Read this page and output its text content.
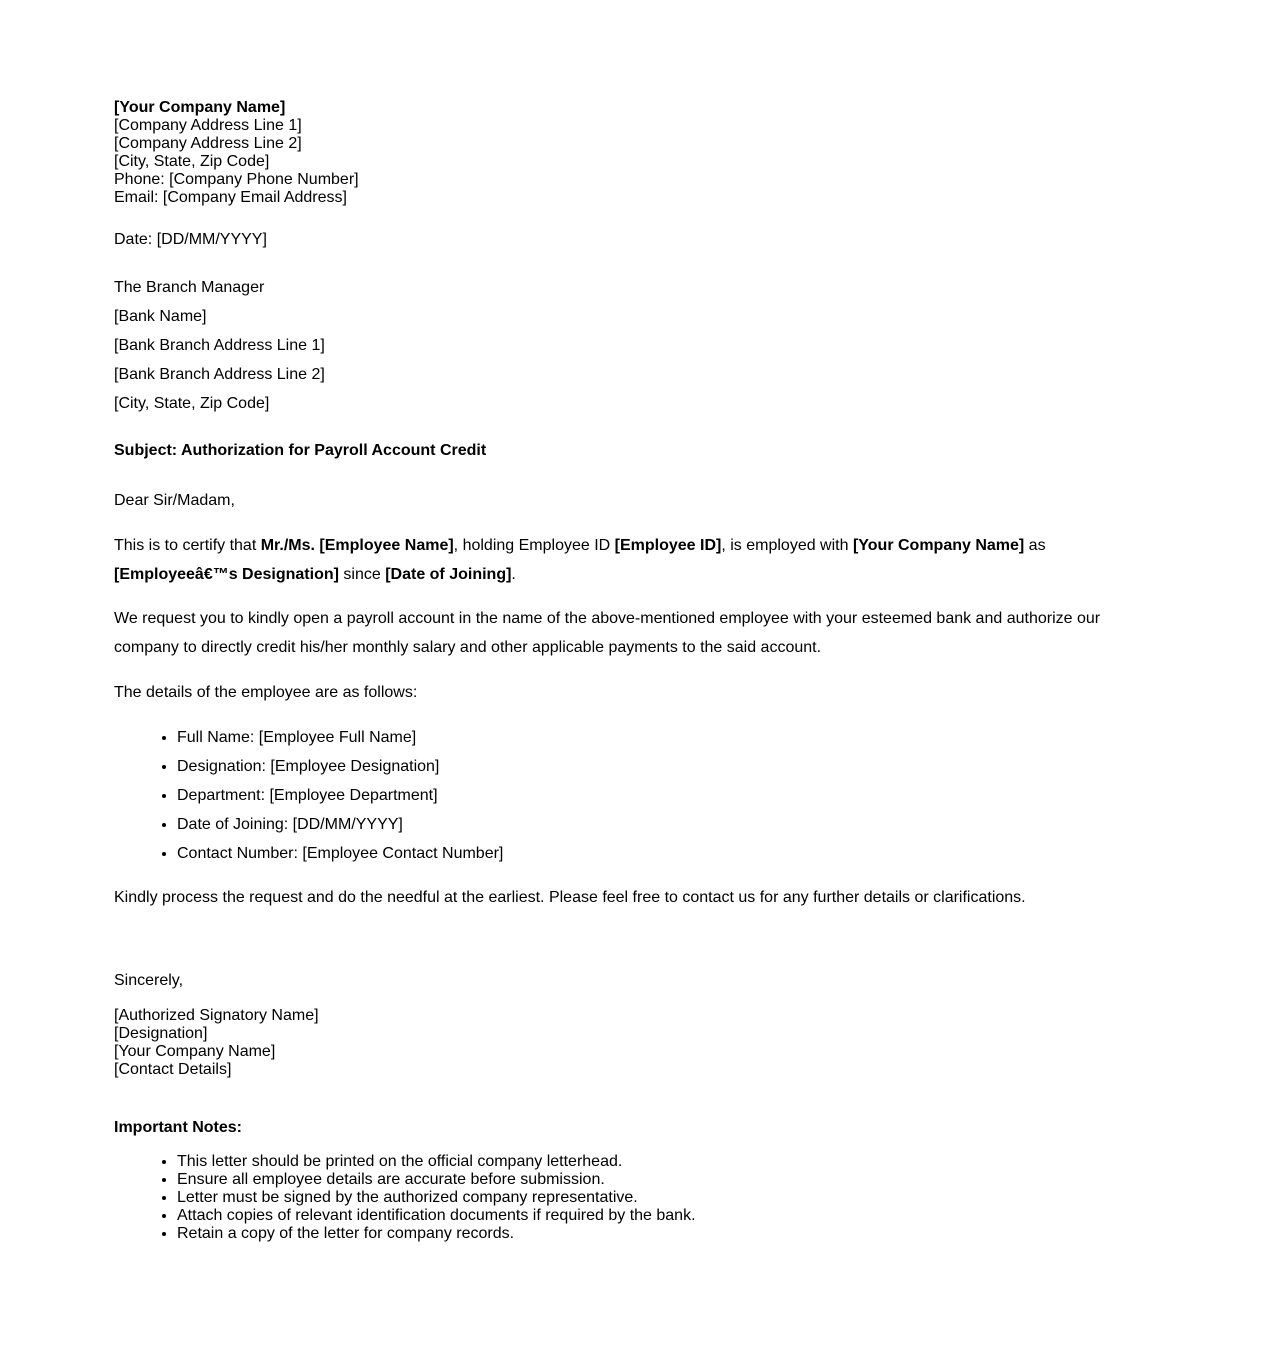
[Your Company Name]
[Company Address Line 1]
[Company Address Line 2]
[City, State, Zip Code]
Phone: [Company Phone Number]
Email: [Company Email Address]
Date: [DD/MM/YYYY]
The Branch Manager
[Bank Name]
[Bank Branch Address Line 1]
[Bank Branch Address Line 2]
[City, State, Zip Code]
Subject: Authorization for Payroll Account Credit
Dear Sir/Madam,
This is to certify that Mr./Ms. [Employee Name], holding Employee ID [Employee ID], is employed with [Your Company Name] as
[Employeeâ€™s Designation] since [Date of Joining].
We request you to kindly open a payroll account in the name of the above-mentioned employee with your esteemed bank and authorize our company to directly credit his/her monthly salary and other applicable payments to the said account.
The details of the employee are as follows:
• Full Name: [Employee Full Name]
• Designation: [Employee Designation]
• Department: [Employee Department]
• Date of Joining: [DD/MM/YYYY]
• Contact Number: [Employee Contact Number]
Kindly process the request and do the needful at the earliest. Please feel free to contact us for any further details or clarifications.
Sincerely,
[Authorized Signatory Name]
[Designation]
[Your Company Name]
[Contact Details]
Important Notes:
• This letter should be printed on the official company letterhead.
• Ensure all employee details are accurate before submission.
• Letter must be signed by the authorized company representative.
• Attach copies of relevant identification documents if required by the bank.
• Retain a copy of the letter for company records.
